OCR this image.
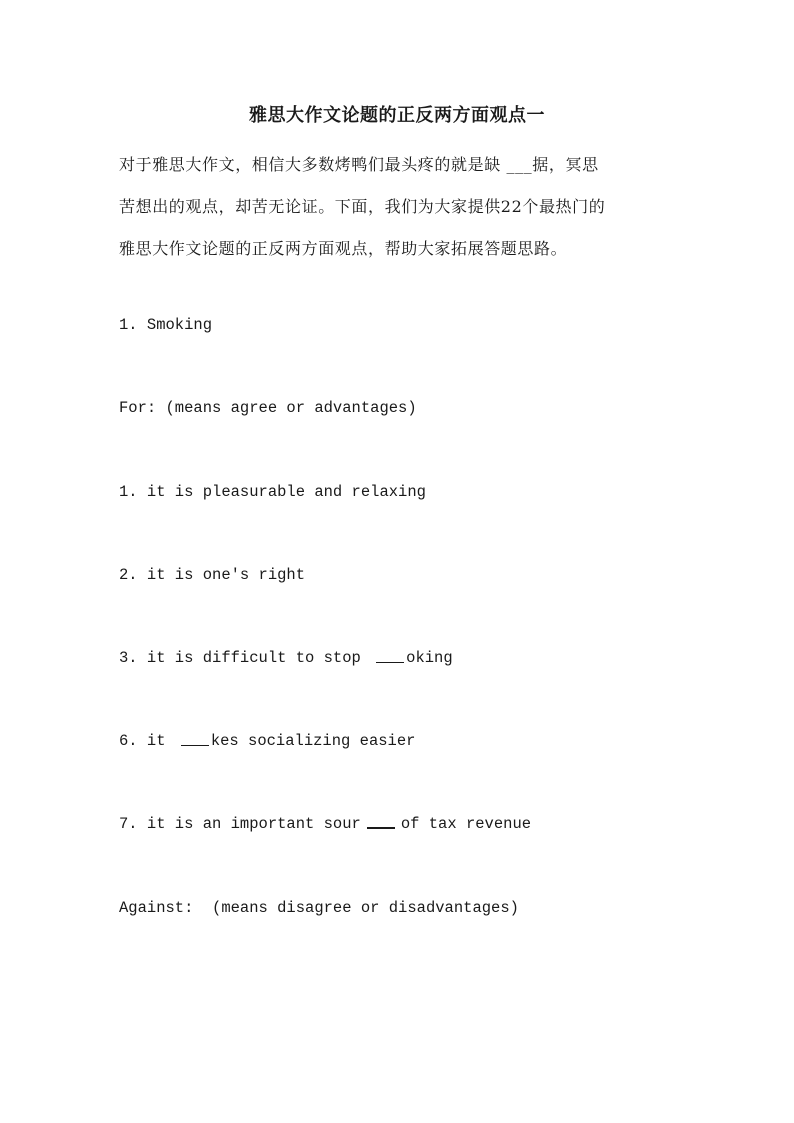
雅思大作文论题的正反两方面观点一

对于雅思大作文，相信大多数烤鸭们最头疼的就是缺 ___据，冥思

苦想出的观点，却苦无论证。下面，我们为大家提供22个最热门的

雅思大作文论题的正反两方面观点，帮助大家拓展答题思路。

1. Smoking
For: (means agree or advantages)
1. it is pleasurable and relaxing
2. it is one's right
3. it is difficult to stop oking
6. it kes socializing easier
7. it is an important sour	of tax revenue
Against:  (means disagree or disadvantages)
